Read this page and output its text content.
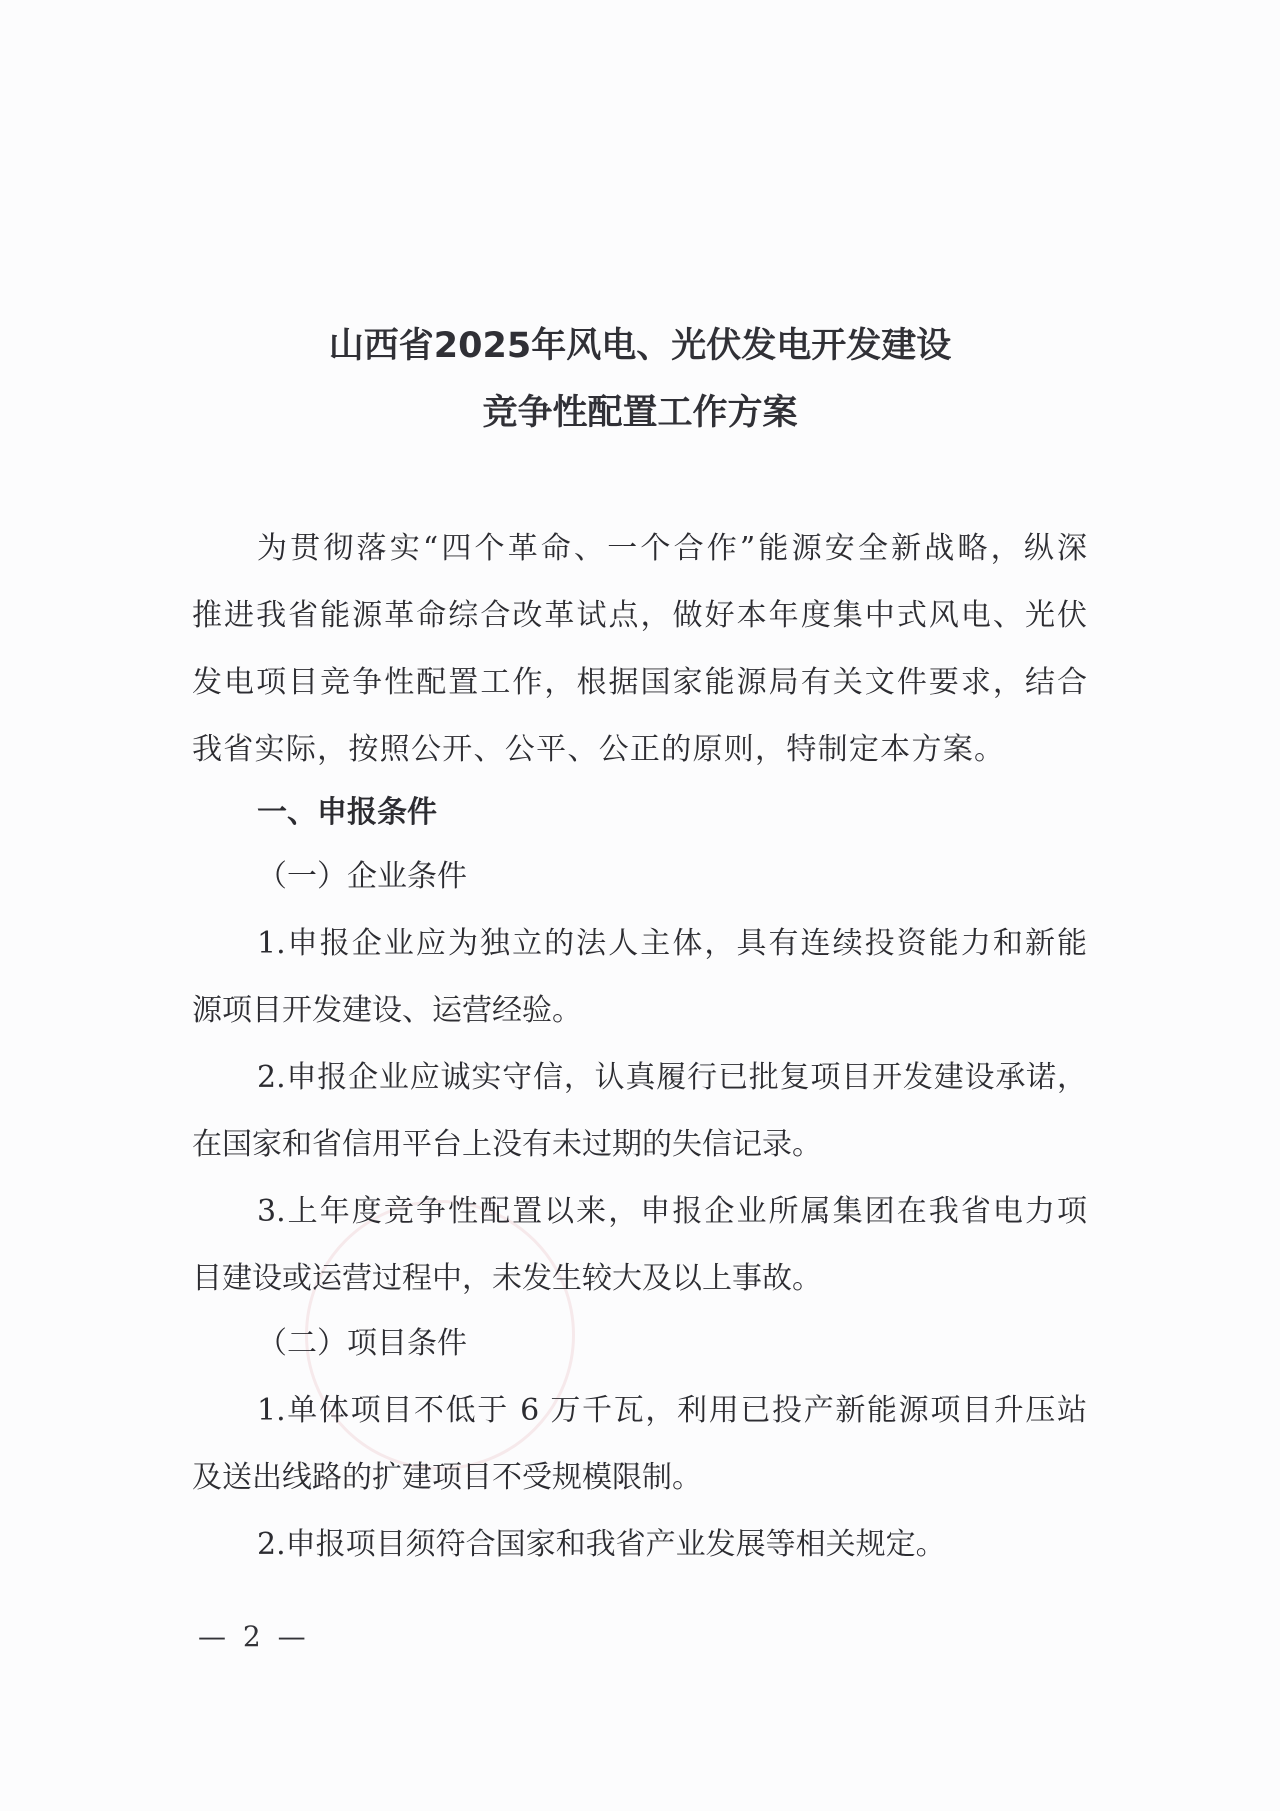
山西省2025年风电、光伏发电开发建设
竞争性配置工作方案
为贯彻落实“四个革命、一个合作”能源安全新战略，纵深
推进我省能源革命综合改革试点，做好本年度集中式风电、光伏
发电项目竞争性配置工作，根据国家能源局有关文件要求，结合
我省实际，按照公开、公平、公正的原则，特制定本方案。
一、申报条件
（一）企业条件
1.申报企业应为独立的法人主体，具有连续投资能力和新能
源项目开发建设、运营经验。
2.申报企业应诚实守信，认真履行已批复项目开发建设承诺，
在国家和省信用平台上没有未过期的失信记录。
3.上年度竞争性配置以来，申报企业所属集团在我省电力项
目建设或运营过程中，未发生较大及以上事故。
（二）项目条件
1.单体项目不低于 6 万千瓦，利用已投产新能源项目升压站
及送出线路的扩建项目不受规模限制。
2.申报项目须符合国家和我省产业发展等相关规定。
— 2 —
